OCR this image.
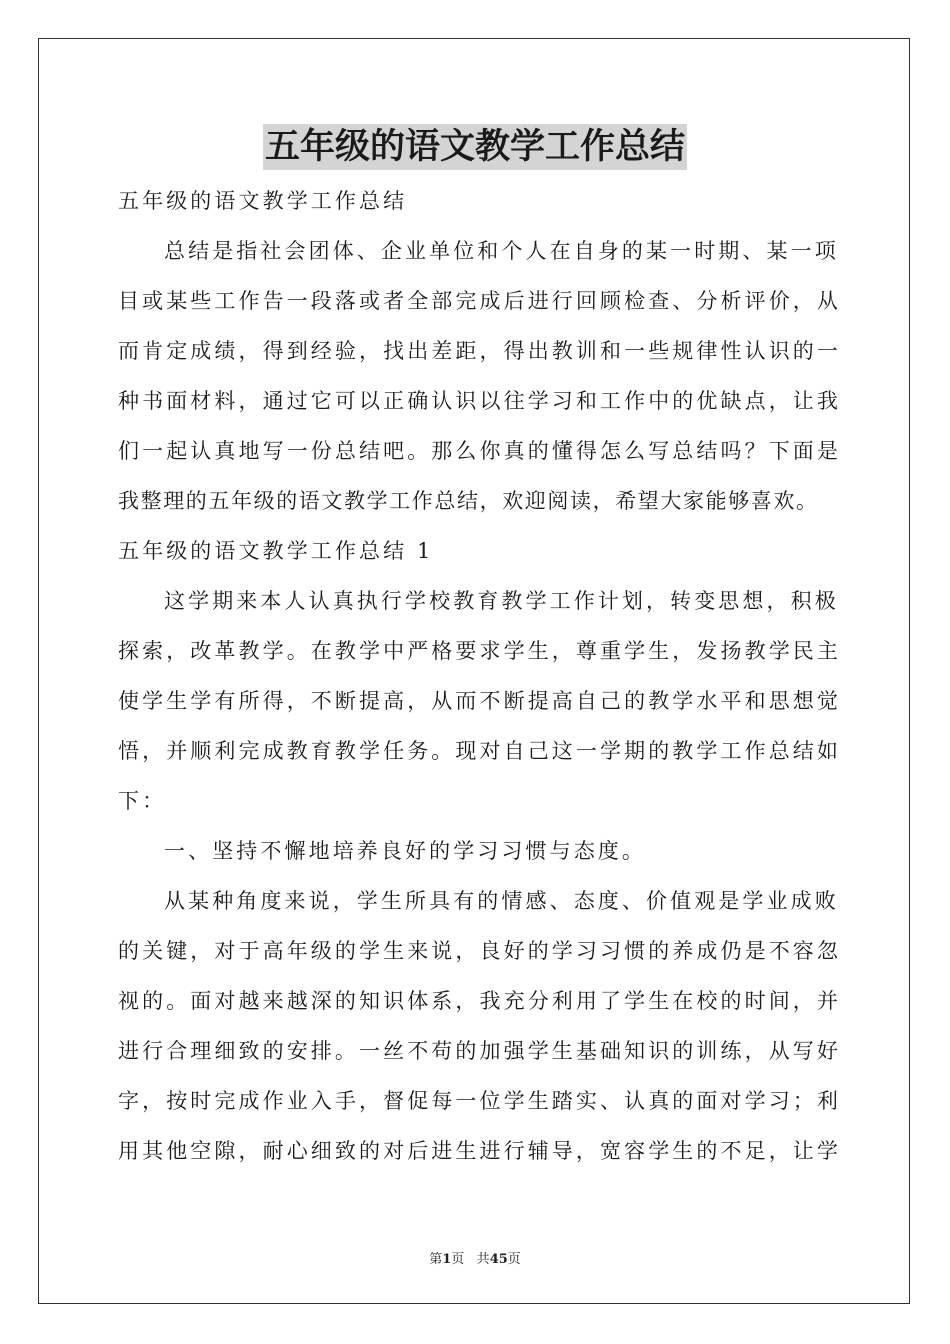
五年级的语文教学工作总结
五年级的语文教学工作总结
总结是指社会团体、企业单位和个人在自身的某一时期、某一项
目或某些工作告一段落或者全部完成后进行回顾检查、分析评价，从
而肯定成绩，得到经验，找出差距，得出教训和一些规律性认识的一
种书面材料，通过它可以正确认识以往学习和工作中的优缺点，让我
们一起认真地写一份总结吧。那么你真的懂得怎么写总结吗？下面是
我整理的五年级的语文教学工作总结，欢迎阅读，希望大家能够喜欢。
五年级的语文教学工作总结 1
这学期来本人认真执行学校教育教学工作计划，转变思想，积极
探索，改革教学。在教学中严格要求学生，尊重学生，发扬教学民主
使学生学有所得，不断提高，从而不断提高自己的教学水平和思想觉
悟，并顺利完成教育教学任务。现对自己这一学期的教学工作总结如
下：
一、坚持不懈地培养良好的学习习惯与态度。
从某种角度来说，学生所具有的情感、态度、价值观是学业成败
的关键，对于高年级的学生来说，良好的学习习惯的养成仍是不容忽
视的。面对越来越深的知识体系，我充分利用了学生在校的时间，并
进行合理细致的安排。一丝不苟的加强学生基础知识的训练，从写好
字，按时完成作业入手，督促每一位学生踏实、认真的面对学习；利
用其他空隙，耐心细致的对后进生进行辅导，宽容学生的不足，让学
第1页 共45页
